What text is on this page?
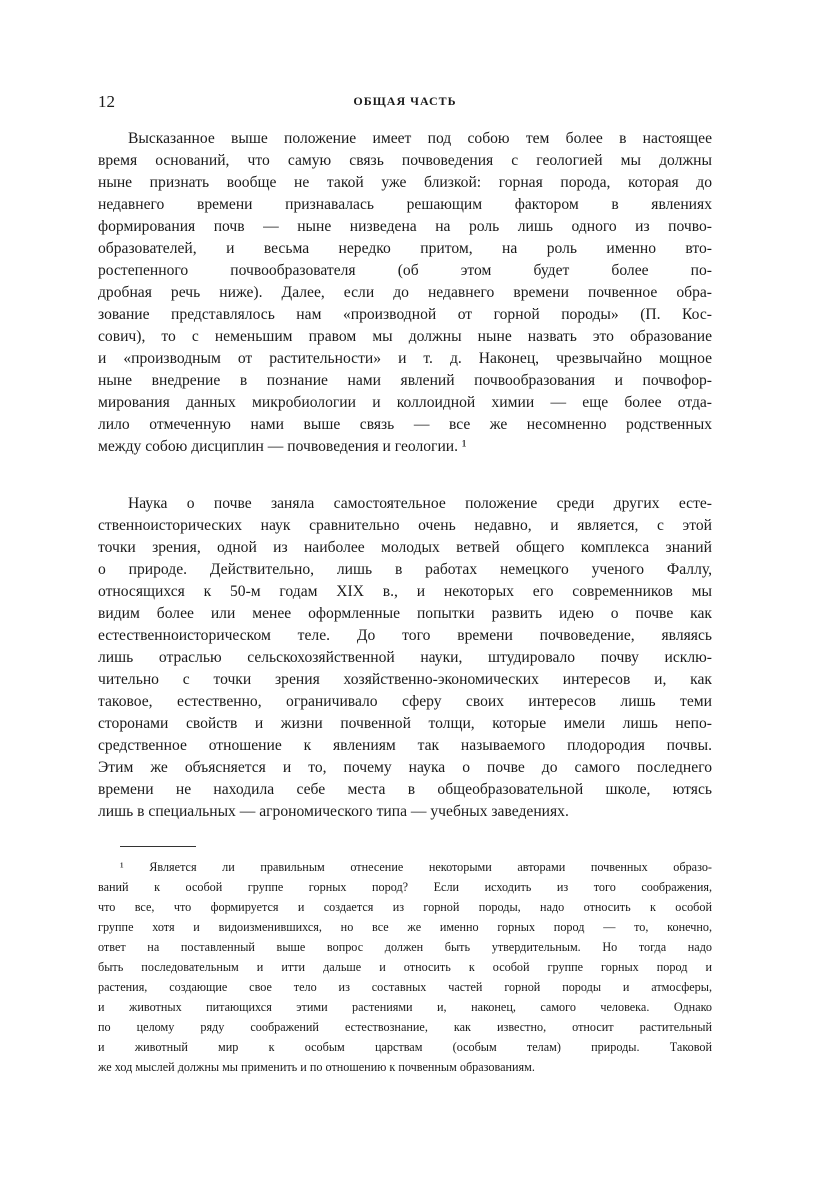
12	ОБЩАЯ ЧАСТЬ
Высказанное выше положение имеет под собою тем более в настоящее
время оснований, что самую связь почвоведения с геологией мы должны
ныне признать вообще не такой уже близкой: горная порода, которая до
недавнего времени признавалась решающим фактором в явлениях
формирования почв — ныне низведена на роль лишь одного из почво-
образователей, и весьма нередко притом, на роль именно вто-
ростепенного почвообразователя (об этом будет более по-
дробная речь ниже). Далее, если до недавнего времени почвенное обра-
зование представлялось нам «производной от горной породы» (П. Кос-
сович), то с неменьшим правом мы должны ныне назвать это образование
и «производным от растительности» и т. д. Наконец, чрезвычайно мощное
ныне внедрение в познание нами явлений почвообразования и почвофор-
мирования данных микробиологии и коллоидной химии — еще более отда-
лило отмеченную нами выше связь — все же несомненно родственных
между собою дисциплин — почвоведения и геологии. ¹
Наука о почве заняла самостоятельное положение среди других есте-
ственноисторических наук сравнительно очень недавно, и является, с этой
точки зрения, одной из наиболее молодых ветвей общего комплекса знаний
о природе. Действительно, лишь в работах немецкого ученого Фаллу,
относящихся к 50-м годам XIX в., и некоторых его современников мы
видим более или менее оформленные попытки развить идею о почве как
естественноисторическом теле. До того времени почвоведение, являясь
лишь отраслью сельскохозяйственной науки, штудировало почву исклю-
чительно с точки зрения хозяйственно-экономических интересов и, как
таковое, естественно, ограничивало сферу своих интересов лишь теми
сторонами свойств и жизни почвенной толщи, которые имели лишь непо-
средственное отношение к явлениям так называемого плодородия почвы.
Этим же объясняется и то, почему наука о почве до самого последнего
времени не находила себе места в общеобразовательной школе, ютясь
лишь в специальных — агрономического типа — учебных заведениях.
¹ Является ли правильным отнесение некоторыми авторами почвенных образо-
ваний к особой группе горных пород? Если исходить из того соображения,
что все, что формируется и создается из горной породы, надо относить к особой
группе хотя и видоизменившихся, но все же именно горных пород — то, конечно,
ответ на поставленный выше вопрос должен быть утвердительным. Но тогда надо
быть последовательным и итти дальше и относить к особой группе горных пород и
растения, создающие свое тело из составных частей горной породы и атмосферы,
и животных питающихся этими растениями и, наконец, самого человека. Однако
по целому ряду соображений естествознание, как известно, относит растительный
и животный мир к особым царствам (особым телам) природы. Таковой
же ход мыслей должны мы применить и по отношению к почвенным образованиям.
